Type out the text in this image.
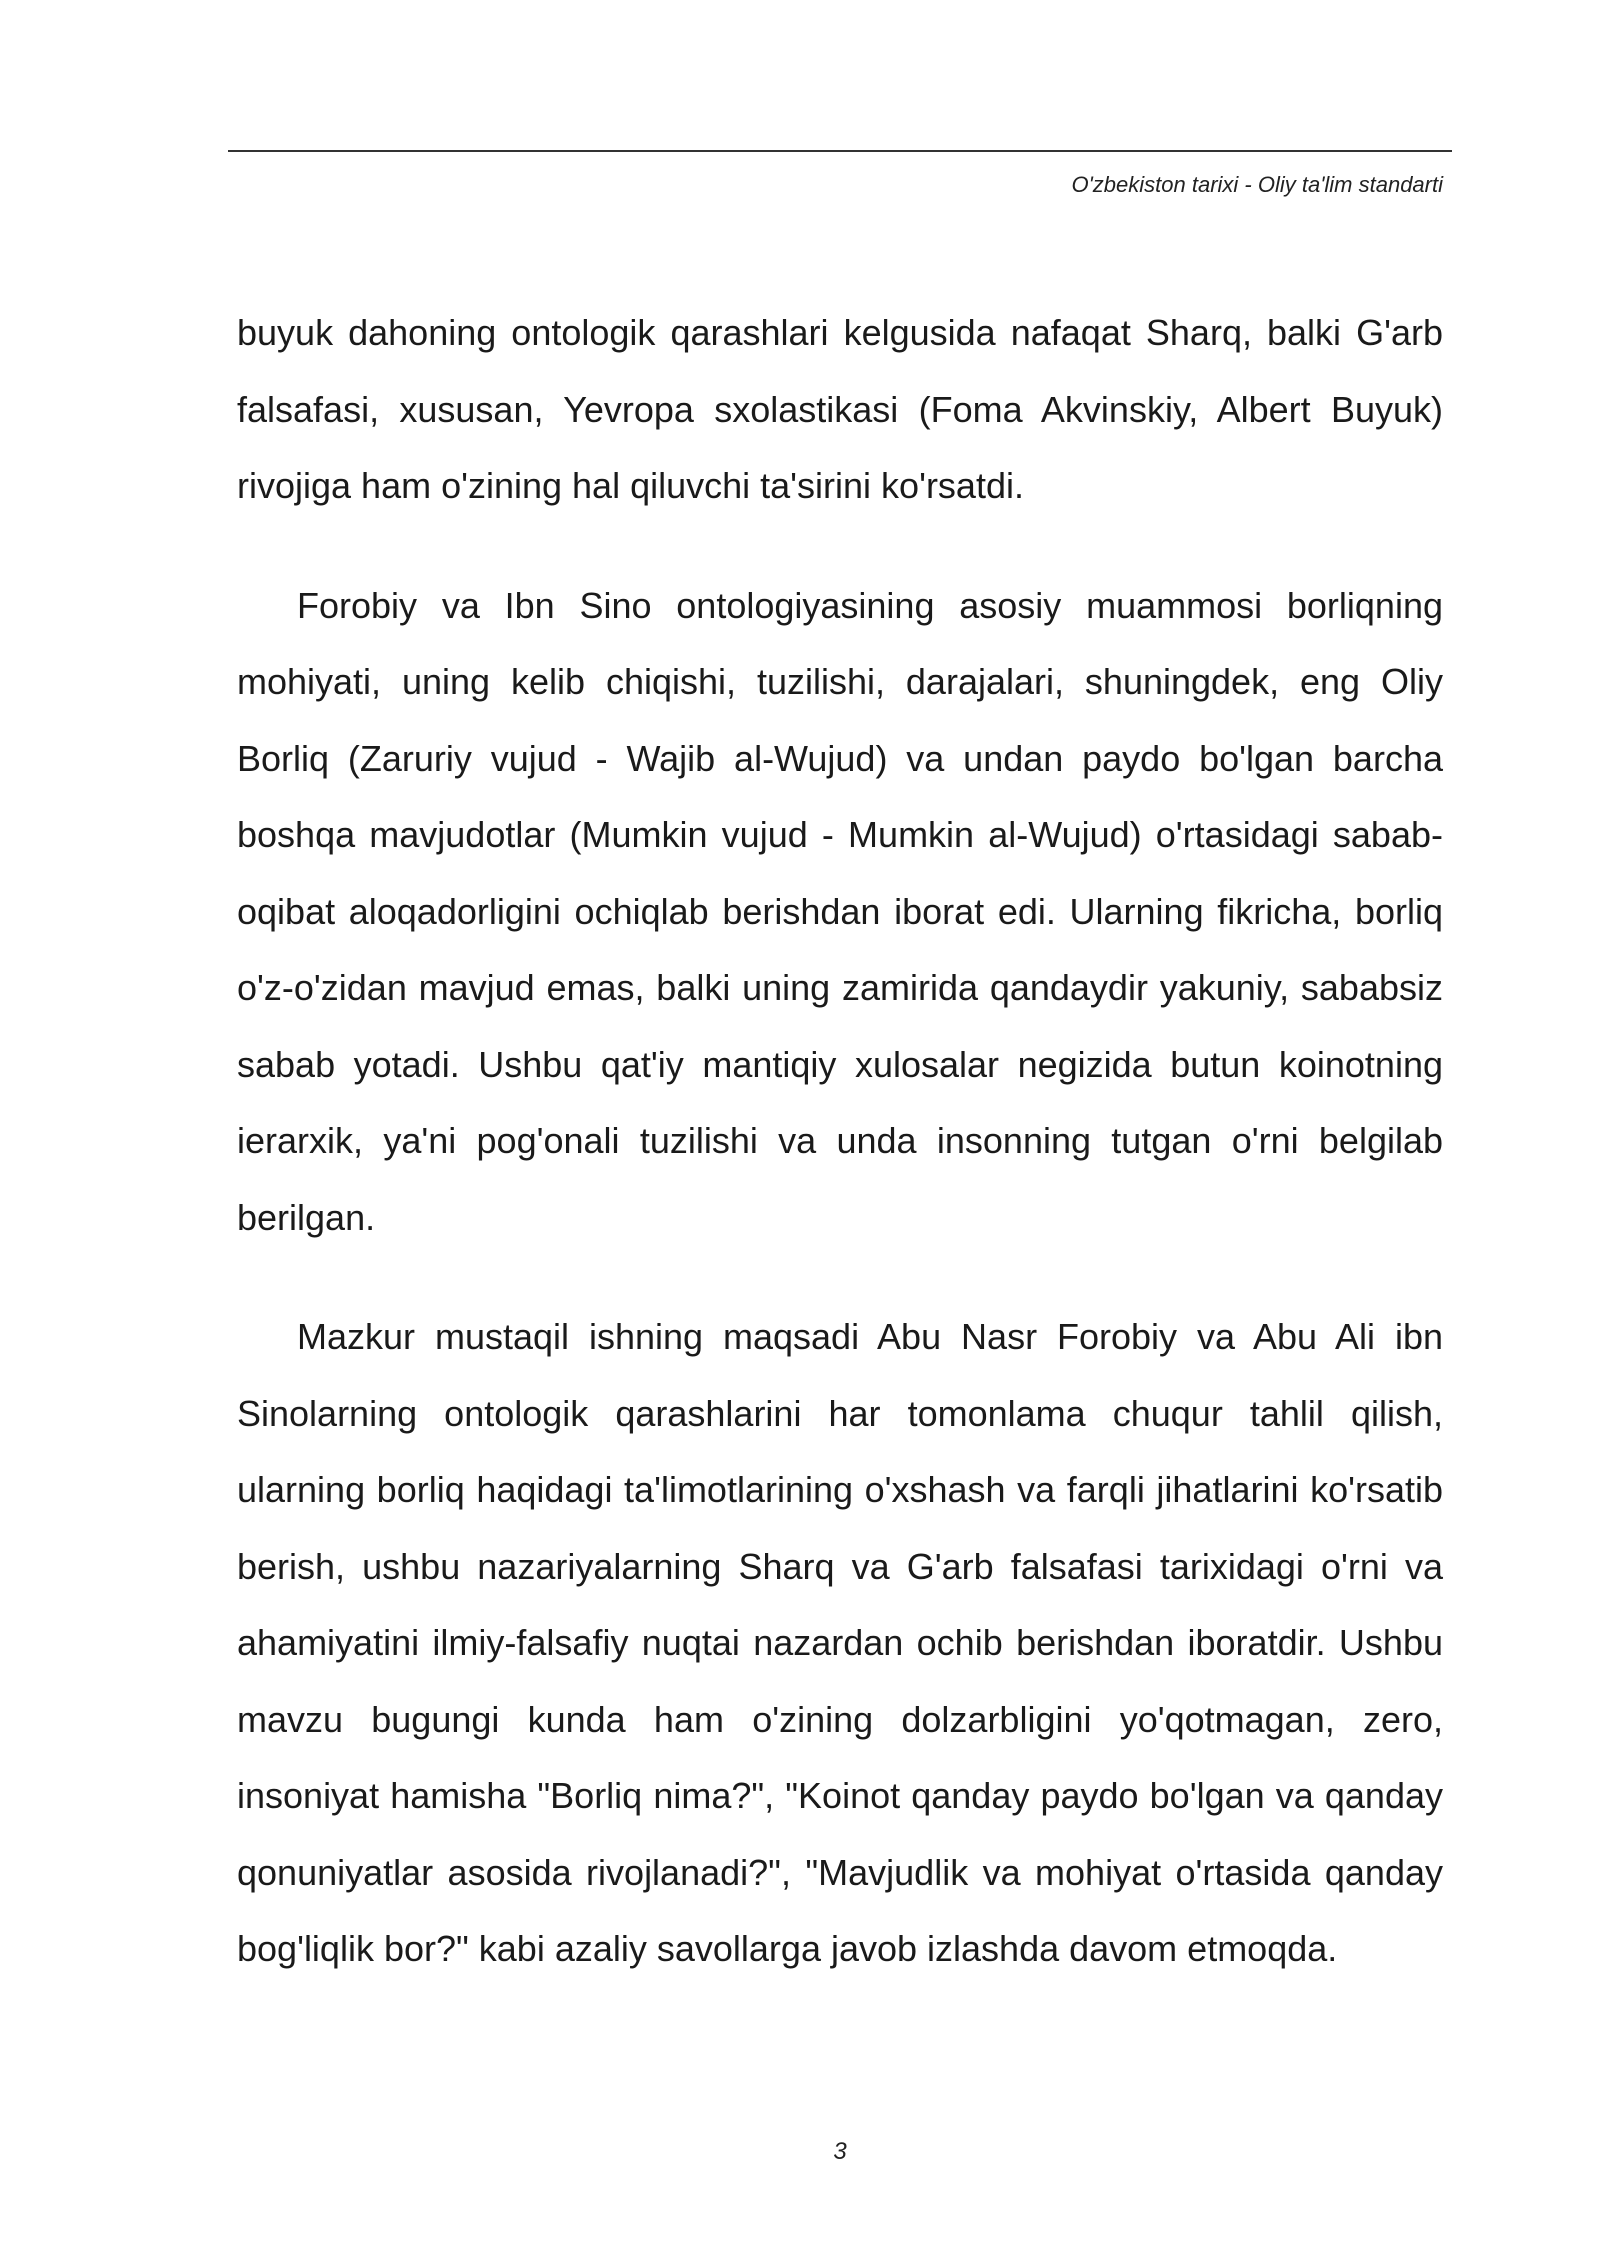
O'zbekiston tarixi - Oliy ta'lim standarti

buyuk dahoning ontologik qarashlari kelgusida nafaqat Sharq, balki G'arb falsafasi, xususan, Yevropa sxolastikasi (Foma Akvinskiy, Albert Buyuk) rivojiga ham o'zining hal qiluvchi ta'sirini ko'rsatdi.

Forobiy va Ibn Sino ontologiyasining asosiy muammosi borliqning mohiyati, uning kelib chiqishi, tuzilishi, darajalari, shuningdek, eng Oliy Borliq (Zaruriy vujud - Wajib al-Wujud) va undan paydo bo'lgan barcha boshqa mavjudotlar (Mumkin vujud - Mumkin al-Wujud) o'rtasidagi sabab-oqibat aloqadorligini ochiqlab berishdan iborat edi. Ularning fikricha, borliq o'z-o'zidan mavjud emas, balki uning zamirida qandaydir yakuniy, sababsiz sabab yotadi. Ushbu qat'iy mantiqiy xulosalar negizida butun koinotning ierarxik, ya'ni pog'onali tuzilishi va unda insonning tutgan o'rni belgilab berilgan.

Mazkur mustaqil ishning maqsadi Abu Nasr Forobiy va Abu Ali ibn Sinolarning ontologik qarashlarini har tomonlama chuqur tahlil qilish, ularning borliq haqidagi ta'limotlarining o'xshash va farqli jihatlarini ko'rsatib berish, ushbu nazariyalarning Sharq va G'arb falsafasi tarixidagi o'rni va ahamiyatini ilmiy-falsafiy nuqtai nazardan ochib berishdan iboratdir. Ushbu mavzu bugungi kunda ham o'zining dolzarbligini yo'qotmagan, zero, insoniyat hamisha "Borliq nima?", "Koinot qanday paydo bo'lgan va qanday qonuniyatlar asosida rivojlanadi?", "Mavjudlik va mohiyat o'rtasida qanday bog'liqlik bor?" kabi azaliy savollarga javob izlashda davom etmoqda.

3
